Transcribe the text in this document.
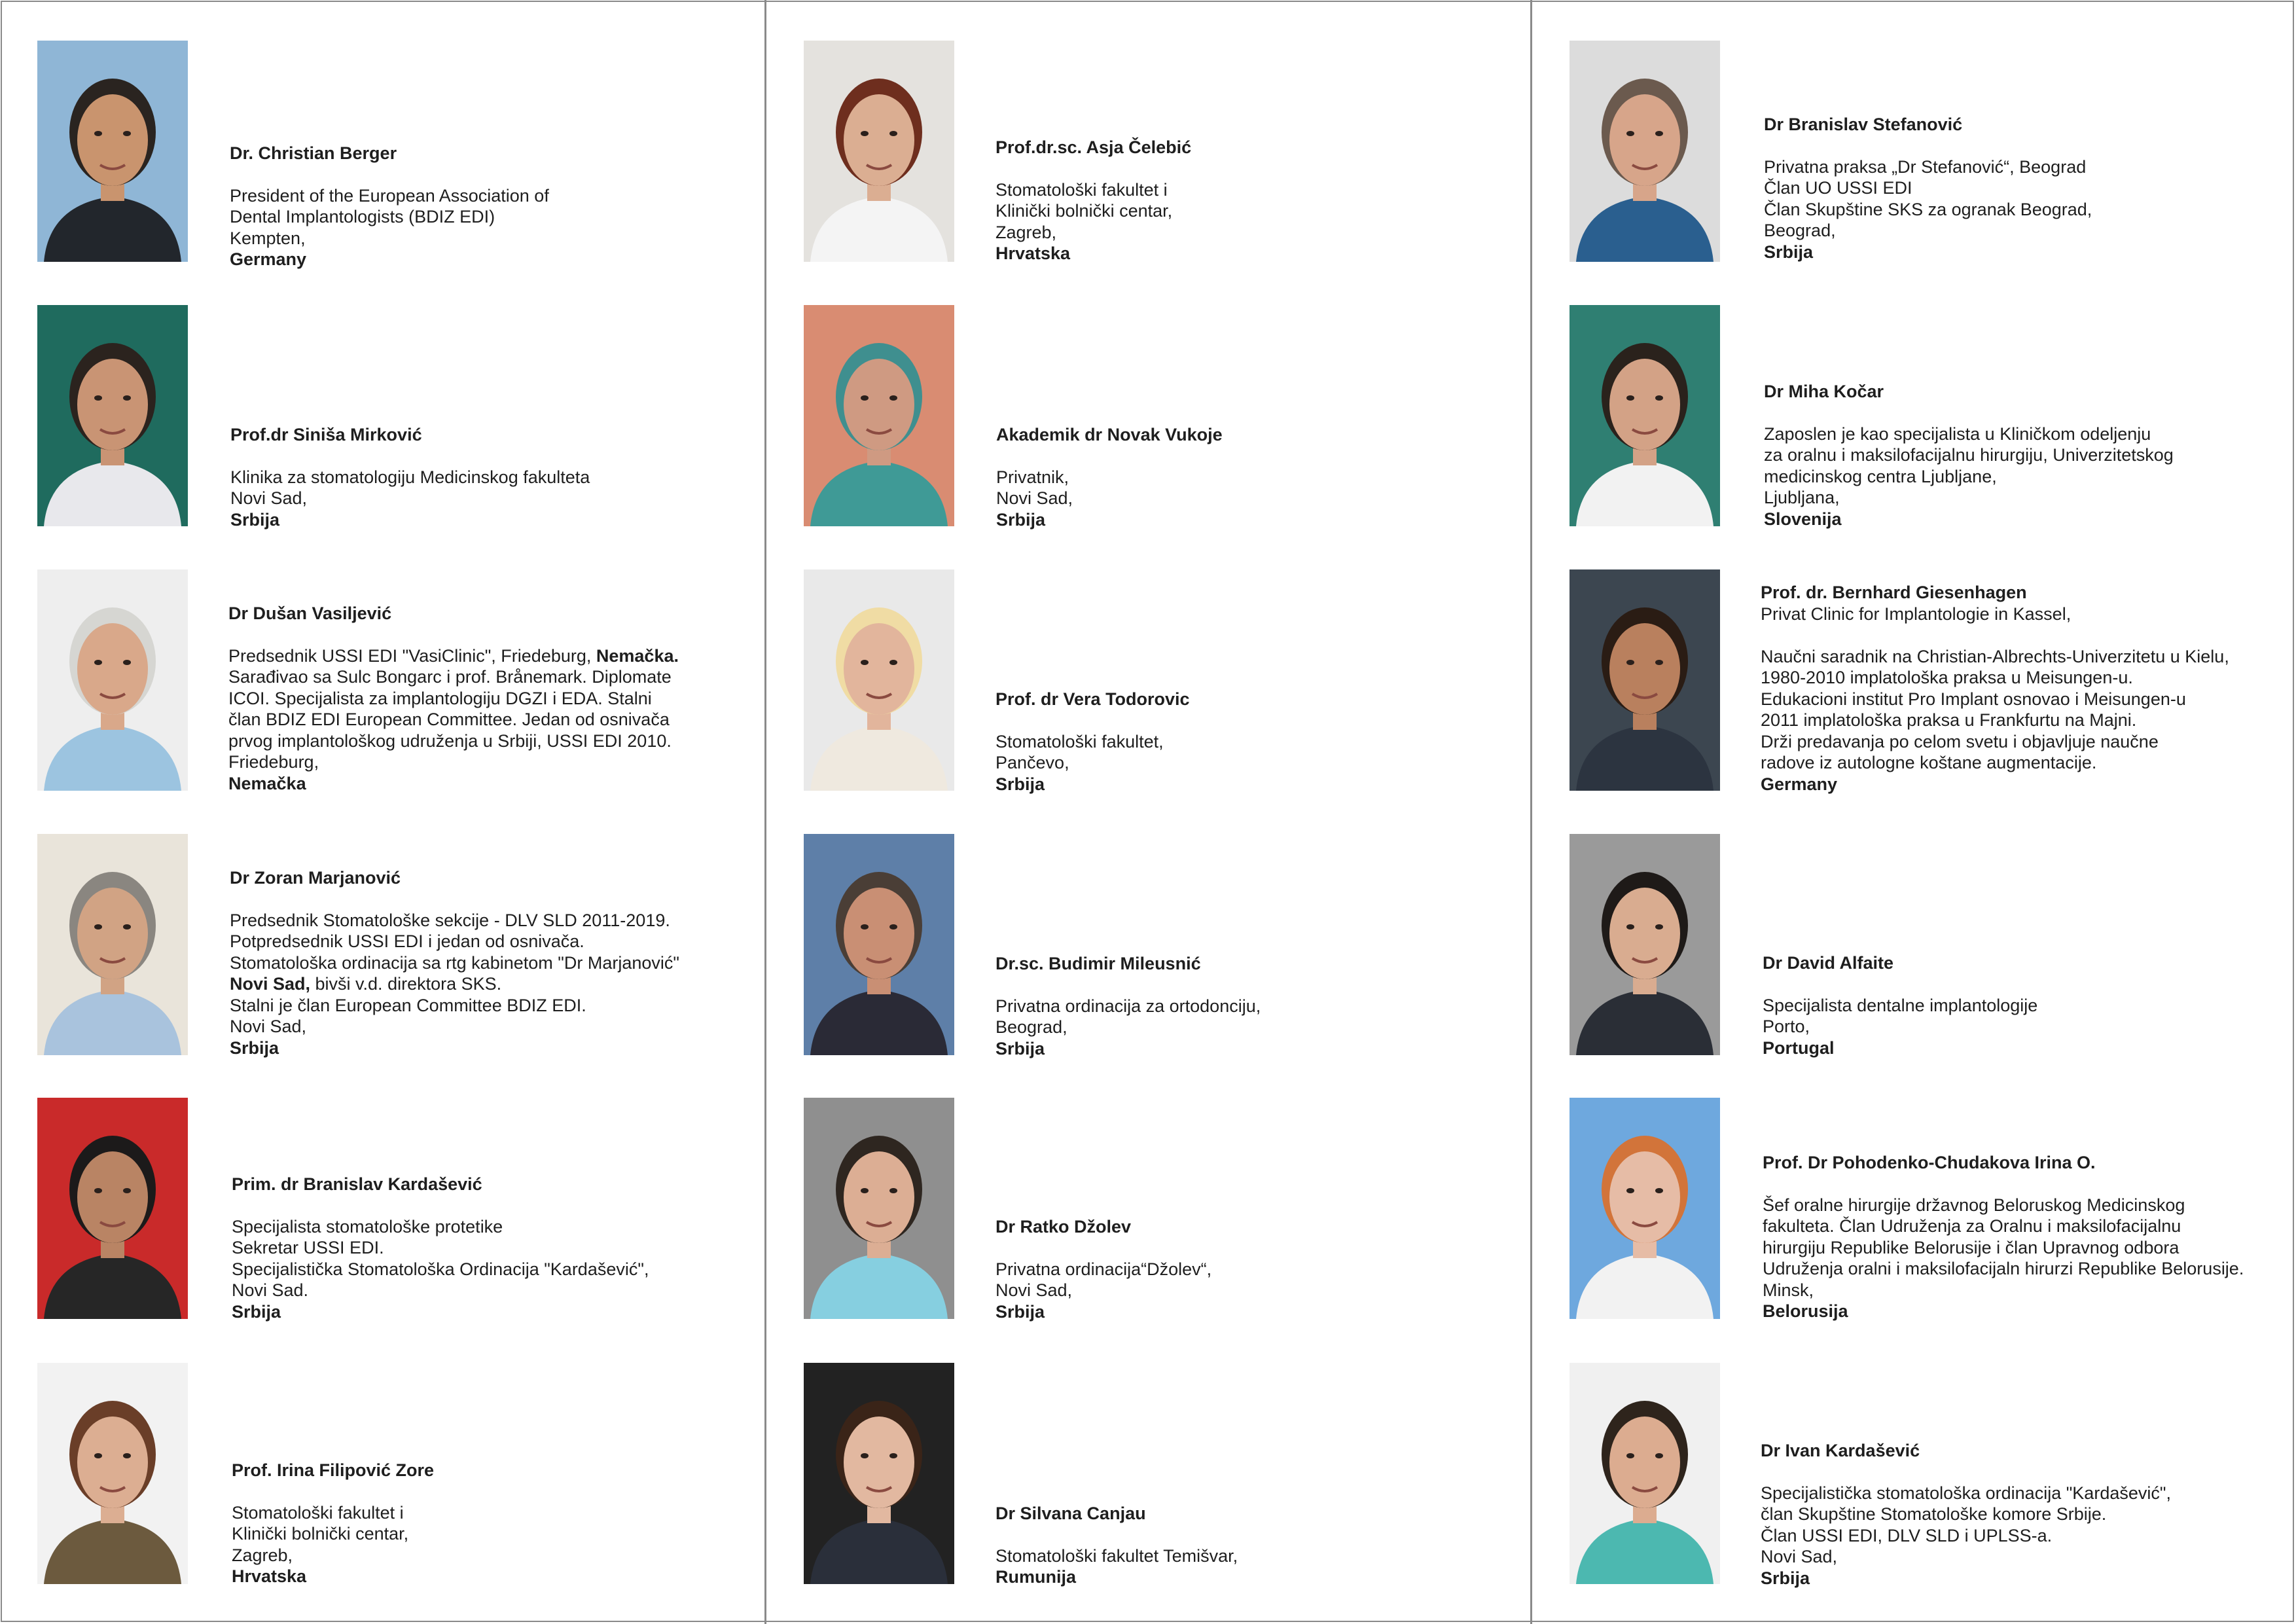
Dr. Christian Berger
President of the European Association of
Dental Implantologists (BDIZ EDI)
Kempten,
Germany
Prof.dr Siniša Mirković
Klinika za stomatologiju Medicinskog fakulteta
Novi Sad,
Srbija
Dr Dušan Vasiljević
Predsednik USSI EDI "VasiClinic", Friedeburg, Nemačka.
Sarađivao sa Sulc Bongarc i prof. Brånemark. Diplomate
ICOI. Specijalista za implantologiju DGZI i EDA. Stalni
član BDIZ EDI European Committee. Jedan od osnivača
prvog implantološkog udruženja u Srbiji, USSI EDI 2010.
Friedeburg,
Nemačka
Dr Zoran Marjanović
Predsednik Stomatološke sekcije - DLV SLD 2011-2019.
Potpredsednik USSI EDI i jedan od osnivača.
Stomatološka ordinacija sa rtg kabinetom "Dr Marjanović"
Novi Sad, bivši v.d. direktora SKS.
Stalni je član European Committee BDIZ EDI.
Novi Sad,
Srbija
Prim. dr Branislav Kardašević
Specijalista stomatološke protetike
Sekretar USSI EDI.
Specijalistička Stomatološka Ordinacija "Kardašević",
Novi Sad.
Srbija
Prof. Irina Filipović Zore
Stomatološki fakultet i
Klinički bolnički centar,
Zagreb,
Hrvatska
Prof.dr.sc. Asja Čelebić
Stomatološki fakultet i
Klinički bolnički centar,
Zagreb,
Hrvatska
Akademik dr Novak Vukoje
Privatnik,
Novi Sad,
Srbija
Prof. dr Vera Todorovic
Stomatološki fakultet,
Pančevo,
Srbija
Dr.sc. Budimir Mileusnić
Privatna ordinacija za ortodonciju,
Beograd,
Srbija
Dr Ratko Džolev
Privatna ordinacija“Džolev“,
Novi Sad,
Srbija
Dr Silvana Canjau
Stomatološki fakultet Temišvar,
Rumunija
Dr Branislav Stefanović
Privatna praksa „Dr Stefanović“, Beograd
Član UO USSI EDI
Član Skupštine SKS za ogranak Beograd,
Beograd,
Srbija
Dr Miha Kočar
Zaposlen je kao specijalista u Kliničkom odeljenju
za oralnu i maksilofacijalnu hirurgiju, Univerzitetskog
medicinskog centra Ljubljane,
Ljubljana,
Slovenija
Prof. dr. Bernhard Giesenhagen
Privat Clinic for Implantologie in Kassel,

Naučni saradnik na Christian-Albrechts-Univerzitetu u Kielu,
1980-2010 implatološka praksa u Meisungen-u.
Edukacioni institut Pro Implant osnovao i Meisungen-u
2011 implatološka praksa u Frankfurtu na Majni.
Drži predavanja po celom svetu i objavljuje naučne
radove iz autologne koštane augmentacije.
Germany
Dr David Alfaite
Specijalista dentalne implantologije
Porto,
Portugal
Prof. Dr Pohodenko-Chudakova Irina O.
Šef oralne hirurgije državnog Beloruskog Medicinskog
fakulteta. Član Udruženja za Oralnu i maksilofacijalnu
hirurgiju Republike Belorusije i član Upravnog odbora
Udruženja oralni i maksilofacijaln hirurzi Republike Belorusije.
Minsk,
Belorusija
Dr Ivan Kardašević
Specijalistička stomatološka ordinacija "Kardašević",
član Skupštine Stomatološke komore Srbije.
Član USSI EDI, DLV SLD i UPLSS-a.
Novi Sad,
Srbija
